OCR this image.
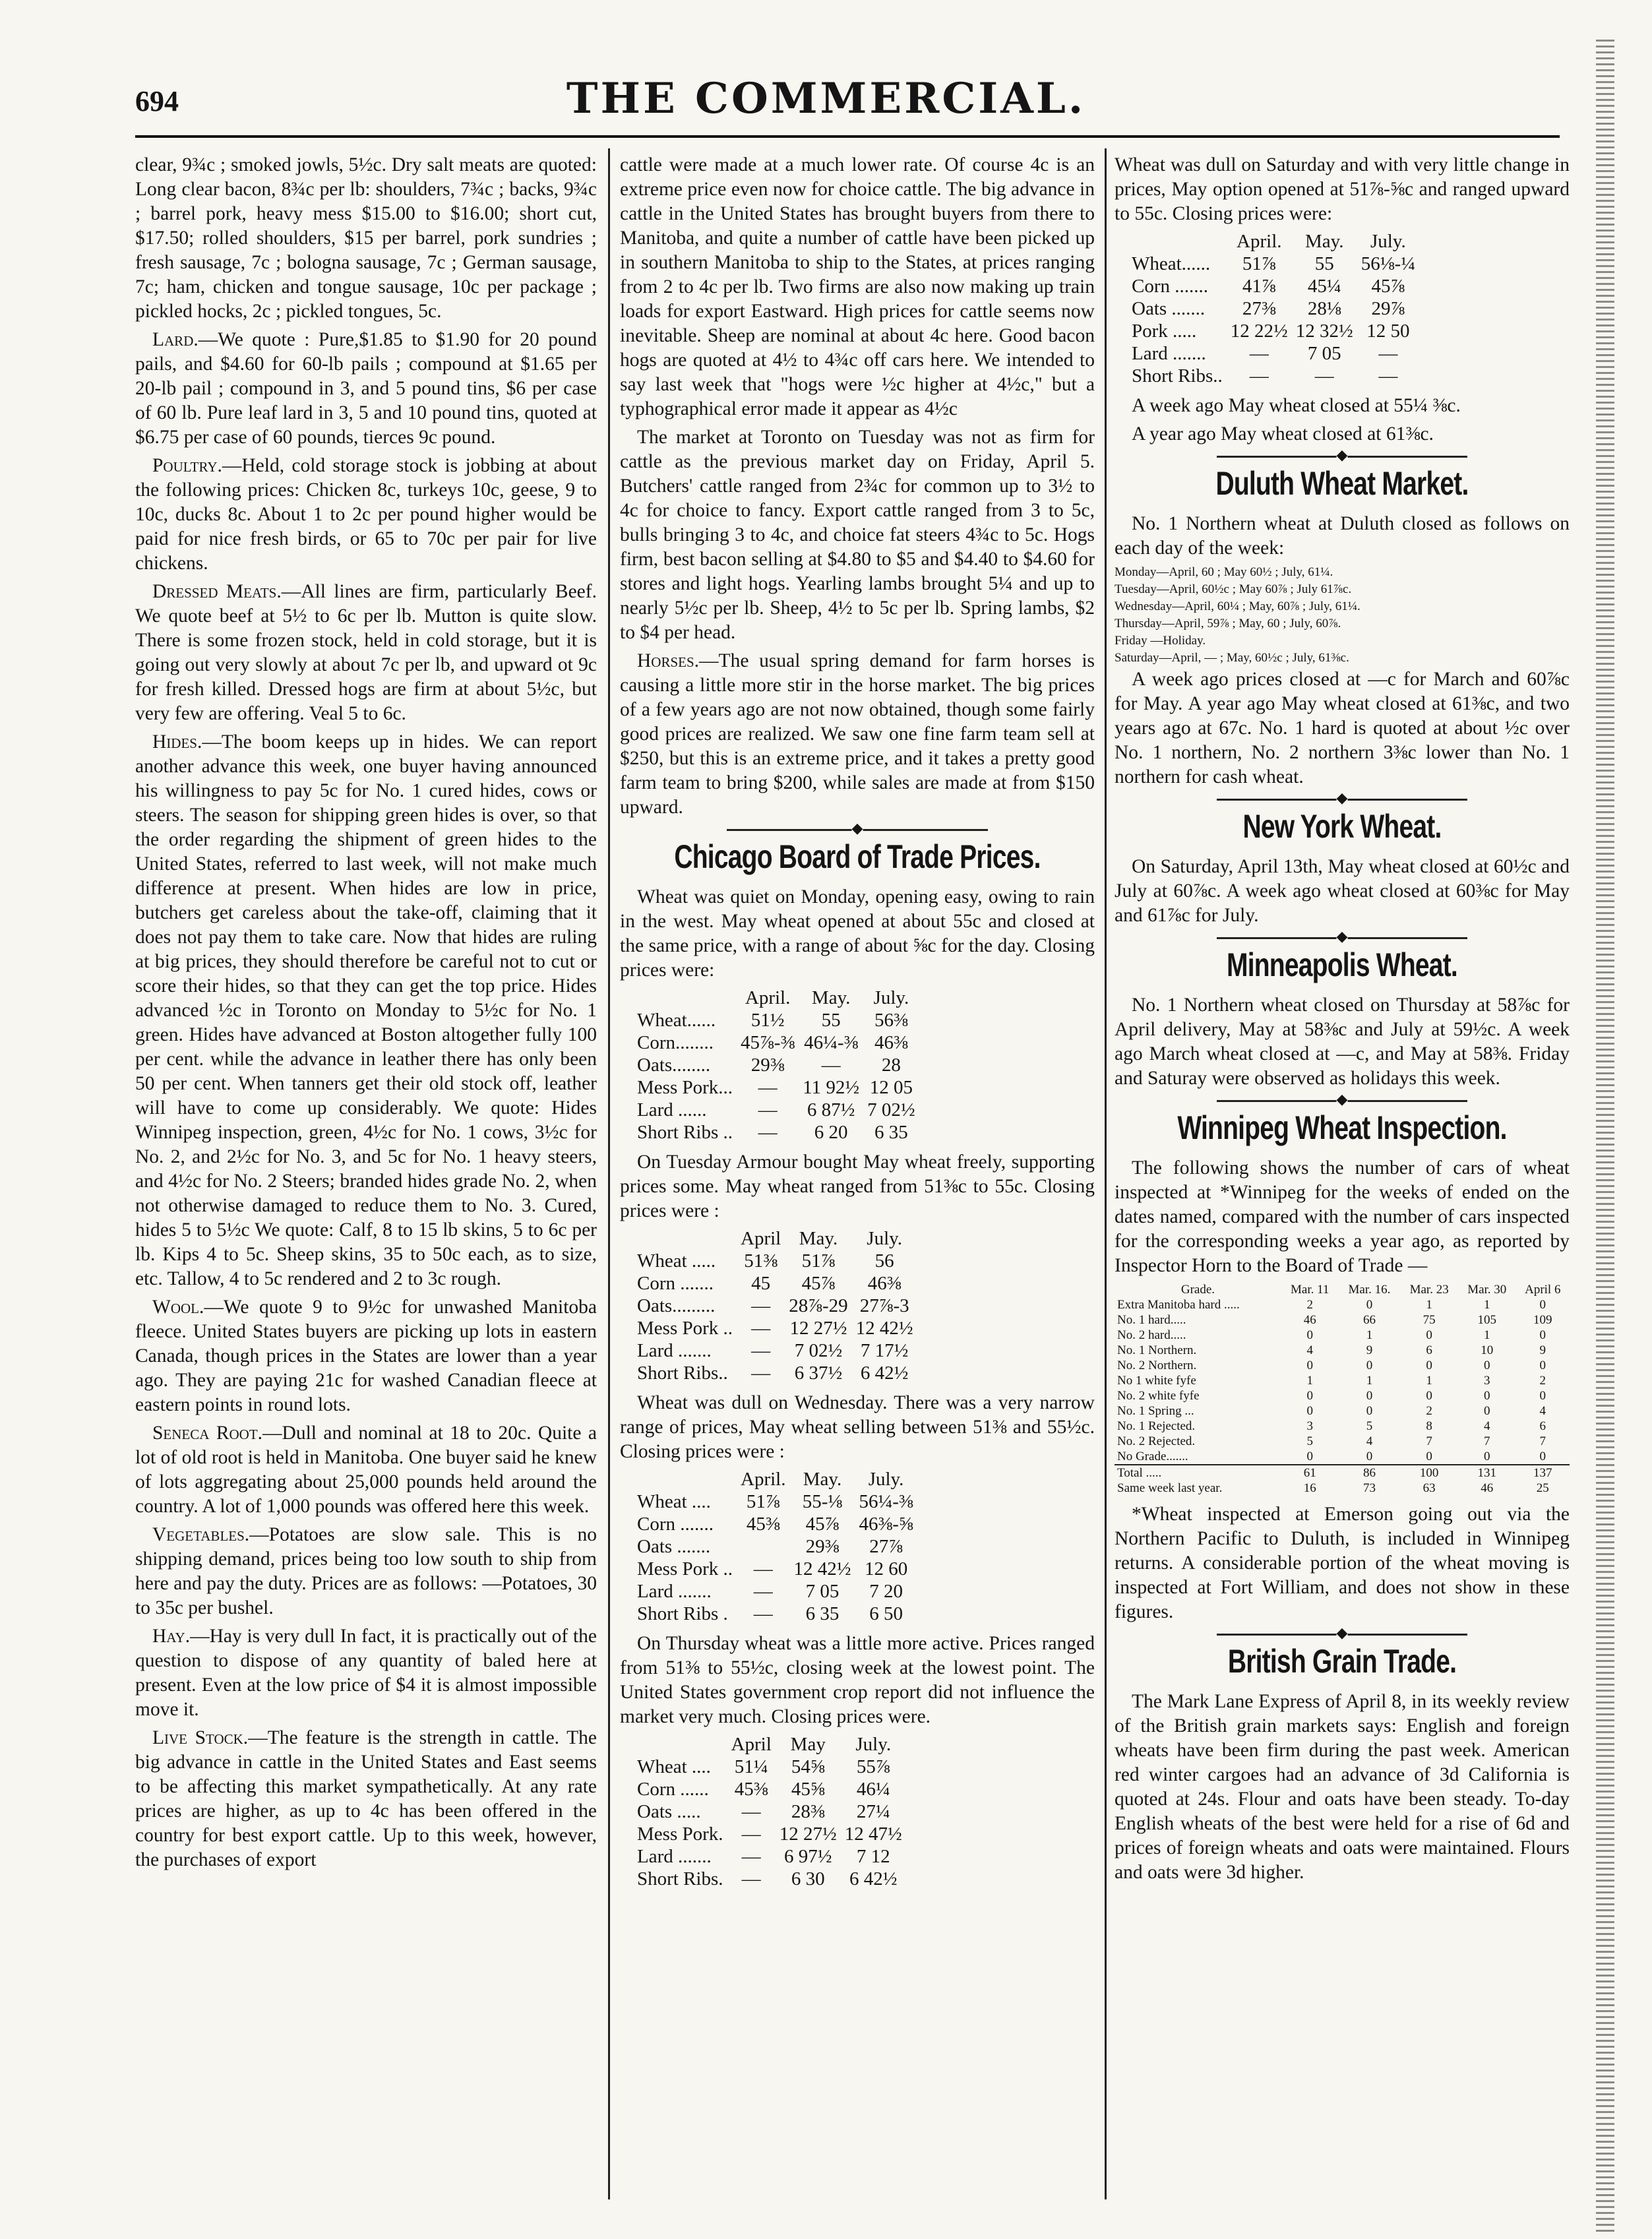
694	THE COMMERCIAL.

clear, 9¾c ; smoked jowls, 5½c. Dry salt meats are quoted: Long clear bacon, 8¾c per lb: shoulders, 7¾c ; backs, 9¾c ; barrel pork, heavy mess $15.00 to $16.00; short cut, $17.50; rolled shoulders, $15 per barrel, pork sundries ; fresh sausage, 7c ; bologna sausage, 7c ; German sausage, 7c; ham, chicken and tongue sausage, 10c per package ; pickled hocks, 2c ; pickled tongues, 5c.

Lard.—We quote : Pure,$1.85 to $1.90 for 20 pound pails, and $4.60 for 60-lb pails ; compound at $1.65 per 20-lb pail ; compound in 3, and 5 pound tins, $6 per case of 60 lb. Pure leaf lard in 3, 5 and 10 pound tins, quoted at $6.75 per case of 60 pounds, tierces 9c pound.

Poultry.—Held, cold storage stock is jobbing at about the following prices: Chicken 8c, turkeys 10c, geese, 9 to 10c, ducks 8c. About 1 to 2c per pound higher would be paid for nice fresh birds, or 65 to 70c per pair for live chickens.

Dressed Meats.—All lines are firm, particularly Beef. We quote beef at 5½ to 6c per lb. Mutton is quite slow. There is some frozen stock, held in cold storage, but it is going out very slowly at about 7c per lb, and upward ot 9c for fresh killed. Dressed hogs are firm at about 5½c, but very few are offering. Veal 5 to 6c.

Hides.—The boom keeps up in hides. We can report another advance this week, one buyer having announced his willingness to pay 5c for No. 1 cured hides, cows or steers. The season for shipping green hides is over, so that the order regarding the shipment of green hides to the United States, referred to last week, will not make much difference at present. When hides are low in price, butchers get careless about the take-off, claiming that it does not pay them to take care. Now that hides are ruling at big prices, they should therefore be careful not to cut or score their hides, so that they can get the top price. Hides advanced ½c in Toronto on Monday to 5½c for No. 1 green. Hides have advanced at Boston altogether fully 100 per cent. while the advance in leather there has only been 50 per cent. When tanners get their old stock off, leather will have to come up considerably. We quote: Hides Winnipeg inspection, green, 4½c for No. 1 cows, 3½c for No. 2, and 2½c for No. 3, and 5c for No. 1 heavy steers, and 4½c for No. 2 Steers; branded hides grade No. 2, when not otherwise damaged to reduce them to No. 3. Cured, hides 5 to 5½c We quote: Calf, 8 to 15 lb skins, 5 to 6c per lb. Kips 4 to 5c. Sheep skins, 35 to 50c each, as to size, etc. Tallow, 4 to 5c rendered and 2 to 3c rough.

Wool.—We quote 9 to 9½c for unwashed Manitoba fleece. United States buyers are picking up lots in eastern Canada, though prices in the States are lower than a year ago. They are paying 21c for washed Canadian fleece at eastern points in round lots.

Seneca Root.—Dull and nominal at 18 to 20c. Quite a lot of old root is held in Manitoba. One buyer said he knew of lots aggregating about 25,000 pounds held around the country. A lot of 1,000 pounds was offered here this week.

Vegetables.—Potatoes are slow sale. This is no shipping demand, prices being too low south to ship from here and pay the duty. Prices are as follows: —Potatoes, 30 to 35c per bushel.

Hay.—Hay is very dull In fact, it is practically out of the question to dispose of any quantity of baled here at present. Even at the low price of $4 it is almost impossible move it.

Live Stock.—The feature is the strength in cattle. The big advance in cattle in the United States and East seems to be affecting this market sympathetically. At any rate prices are higher, as up to 4c has been offered in the country for best export cattle. Up to this week, however, the purchases of export

cattle were made at a much lower rate. Of course 4c is an extreme price even now for choice cattle. The big advance in cattle in the United States has brought buyers from there to Manitoba, and quite a number of cattle have been picked up in southern Manitoba to ship to the States, at prices ranging from 2 to 4c per lb. Two firms are also now making up train loads for export Eastward. High prices for cattle seems now inevitable. Sheep are nominal at about 4c here. Good bacon hogs are quoted at 4½ to 4¾c off cars here. We intended to say last week that "hogs were ½c higher at 4½c," but a typhographical error made it appear as 4½c

The market at Toronto on Tuesday was not as firm for cattle as the previous market day on Friday, April 5. Butchers' cattle ranged from 2¾c for common up to 3½ to 4c for choice to fancy. Export cattle ranged from 3 to 5c, bulls bringing 3 to 4c, and choice fat steers 4¾c to 5c. Hogs firm, best bacon selling at $4.80 to $5 and $4.40 to $4.60 for stores and light hogs. Yearling lambs brought 5¼ and up to nearly 5½c per lb. Sheep, 4½ to 5c per lb. Spring lambs, $2 to $4 per head.

Horses.—The usual spring demand for farm horses is causing a little more stir in the horse market. The big prices of a few years ago are not now obtained, though some fairly good prices are realized. We saw one fine farm team sell at $250, but this is an extreme price, and it takes a pretty good farm team to bring $200, while sales are made at from $150 upward.

◆
Chicago Board of Trade Prices.

Wheat was quiet on Monday, opening easy, owing to rain in the west. May wheat opened at about 55c and closed at the same price, with a range of about ⅝c for the day. Closing prices were:

	April.	May.	July.
Wheat......	51½	55	56⅜
Corn........	45⅞-⅜	46¼-⅜	46⅜
Oats........	29⅜	—	28
Mess Pork...	—	11 92½	12 05
Lard ......	—	6 87½	7 02½
Short Ribs ..	—	6 20	6 35

On Tuesday Armour bought May wheat freely, supporting prices some. May wheat ranged from 51⅜c to 55c. Closing prices were :

	April	May.	July.
Wheat .....	51⅜	51⅞	56
Corn .......	45	45⅞	46⅜
Oats.........	—	28⅞-29	27⅞-3
Mess Pork ..	—	12 27½	12 42½
Lard .......	—	7 02½	7 17½
Short Ribs..	—	6 37½	6 42½

Wheat was dull on Wednesday. There was a very narrow range of prices, May wheat selling between 51⅜ and 55½c. Closing prices were :

	April.	May.	July.
Wheat ....	51⅞	55-⅛	56¼-⅜
Corn .......	45⅜	45⅞	46⅜-⅝
Oats .......		29⅜	27⅞
Mess Pork ..	—	12 42½	12 60
Lard .......	—	7 05	7 20
Short Ribs .	—	6 35	6 50

On Thursday wheat was a little more active. Prices ranged from 51⅜ to 55½c, closing week at the lowest point. The United States government crop report did not influence the market very much. Closing prices were.

	April	May	July.
Wheat ....	51¼	54⅝	55⅞
Corn ......	45⅜	45⅝	46¼
Oats .....	—	28⅜	27¼
Mess Pork.	—	12 27½	12 47½
Lard .......	—	6 97½	7 12
Short Ribs.	—	6 30	6 42½

Wheat was dull on Saturday and with very little change in prices, May option opened at 51⅞-⅝c and ranged upward to 55c. Closing prices were:

	April.	May.	July.
Wheat......	51⅞	55	56⅛-¼
Corn .......	41⅞	45¼	45⅞
Oats .......	27⅜	28⅛	29⅞
Pork .....	12 22½	12 32½	12 50
Lard .......	—	7 05	—
Short Ribs..	—	—	—

A week ago May wheat closed at 55¼ ⅜c.

A year ago May wheat closed at 61⅜c.

◆
Duluth Wheat Market.

No. 1 Northern wheat at Duluth closed as follows on each day of the week:

Monday—April, 60 ; May 60½ ; July, 61¼.

Tuesday—April, 60½c ; May 60⅞ ; July 61⅞c.

Wednesday—April, 60¼ ; May, 60⅞ ; July, 61¼.

Thursday—April, 59⅞ ; May, 60 ; July, 60⅞.

Friday —Holiday.

Saturday—April, — ; May, 60½c ; July, 61⅜c.

A week ago prices closed at —c for March and 60⅞c for May. A year ago May wheat closed at 61⅜c, and two years ago at 67c. No. 1 hard is quoted at about ½c over No. 1 northern, No. 2 northern 3⅜c lower than No. 1 northern for cash wheat.

◆
New York Wheat.

On Saturday, April 13th, May wheat closed at 60½c and July at 60⅞c. A week ago wheat closed at 60⅜c for May and 61⅞c for July.

◆
Minneapolis Wheat.

No. 1 Northern wheat closed on Thursday at 58⅞c for April delivery, May at 58⅜c and July at 59½c. A week ago March wheat closed at —c, and May at 58⅜. Friday and Saturay were observed as holidays this week.

◆
Winnipeg Wheat Inspection.

The following shows the number of cars of wheat inspected at *Winnipeg for the weeks of ended on the dates named, compared with the number of cars inspected for the corresponding weeks a year ago, as reported by Inspector Horn to the Board of Trade —

Grade.	Mar. 11	Mar. 16.	Mar. 23	Mar. 30	April 6
Extra Manitoba hard .....	2	0	1	1	0
No. 1 hard.....	46	66	75	105	109
No. 2 hard.....	0	1	0	1	0
No. 1 Northern.	4	9	6	10	9
No. 2 Northern.	0	0	0	0	0
No 1 white fyfe	1	1	1	3	2
No. 2 white fyfe	0	0	0	0	0
No. 1 Spring ...	0	0	2	0	4
No. 1 Rejected.	3	5	8	4	6
No. 2 Rejected.	5	4	7	7	7
No Grade.......	0	0	0	0	0
Total .....	61	86	100	131	137
Same week last year.	16	73	63	46	25

*Wheat inspected at Emerson going out via the Northern Pacific to Duluth, is included in Winnipeg returns. A considerable portion of the wheat moving is inspected at Fort William, and does not show in these figures.

◆
British Grain Trade.

The Mark Lane Express of April 8, in its weekly review of the British grain markets says: English and foreign wheats have been firm during the past week. American red winter cargoes had an advance of 3d California is quoted at 24s. Flour and oats have been steady. To-day English wheats of the best were held for a rise of 6d and prices of foreign wheats and oats were maintained. Flours and oats were 3d higher.
